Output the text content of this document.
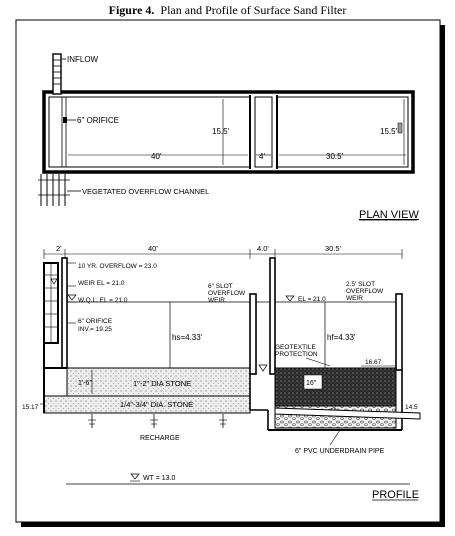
Figure 4. Plan and Profile of Surface Sand Filter
INFLOW
6" ORIFICE
15.5'	15.5'
40'	4'	30.5'
VEGETATED OVERFLOW CHANNEL
PLAN VIEW
2'	40'	4.0'	30.5'
10 YR. OVERFLOW = 23.0
WEIR EL = 21.0
W.Q.L. EL = 21.0
6" ORIFICE
INV.= 19.25
1"-2" DIA STONE
1/4"-3/4" DIA. STONE
1'-6"
15.17
hs=4.33'
6" SLOT
OVERFLOW
WEIR	EL = 21.0
GEOTEXTILE
PROTECTION
2.5' SLOT
OVERFLOW
WEIR
hf=4.33'
16"
16.67
14.5
6" PVC UNDERDRAIN PIPE
RECHARGE
WT = 13.0
PROFILE
